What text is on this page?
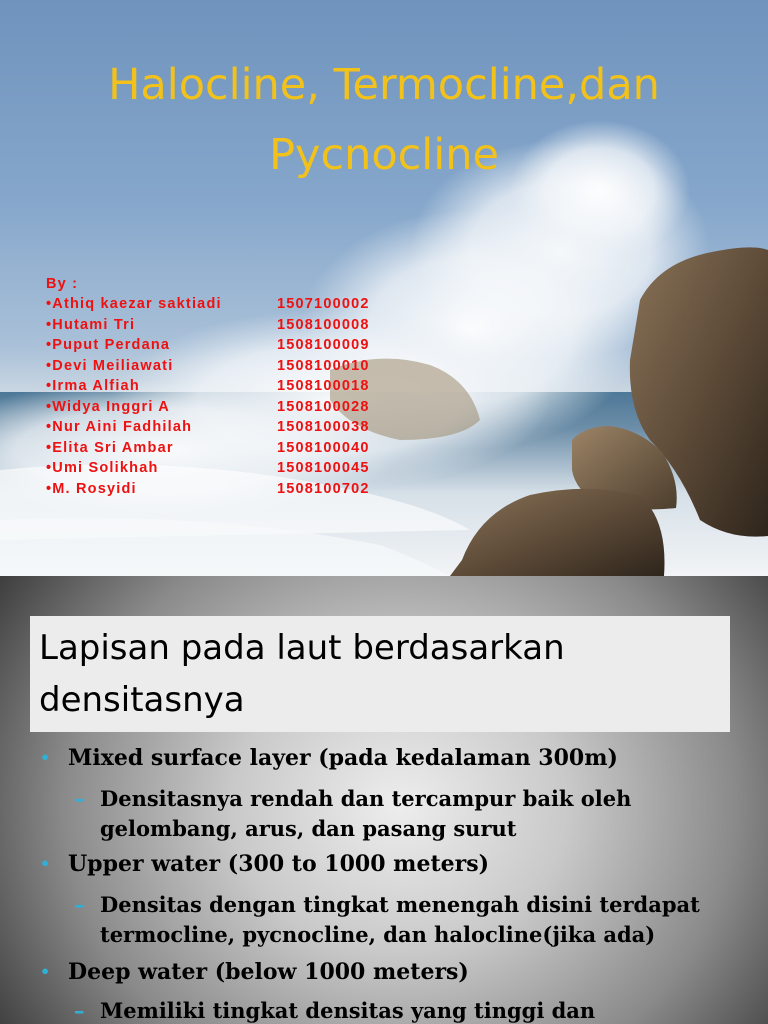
Halocline, Termocline,dan
Pycnocline
By :
•Athiq kaezar saktiadi	1507100002
•Hutami Tri	1508100008
•Puput Perdana	1508100009
•Devi Meiliawati	1508100010
•Irma Alfiah	1508100018
•Widya Inggri A	1508100028
•Nur Aini Fadhilah	1508100038
•Elita Sri Ambar	1508100040
•Umi Solikhah	1508100045
•M. Rosyidi	1508100702
Lapisan pada laut berdasarkan
densitasnya
• Mixed surface layer (pada kedalaman 300m)
– Densitasnya rendah dan tercampur baik oleh gelombang, arus, dan pasang surut
• Upper water (300 to 1000 meters)
– Densitas dengan tingkat menengah disini terdapat termocline, pycnocline, dan halocline(jika ada)
• Deep water (below 1000 meters)
– Memiliki tingkat densitas yang tinggi dan
